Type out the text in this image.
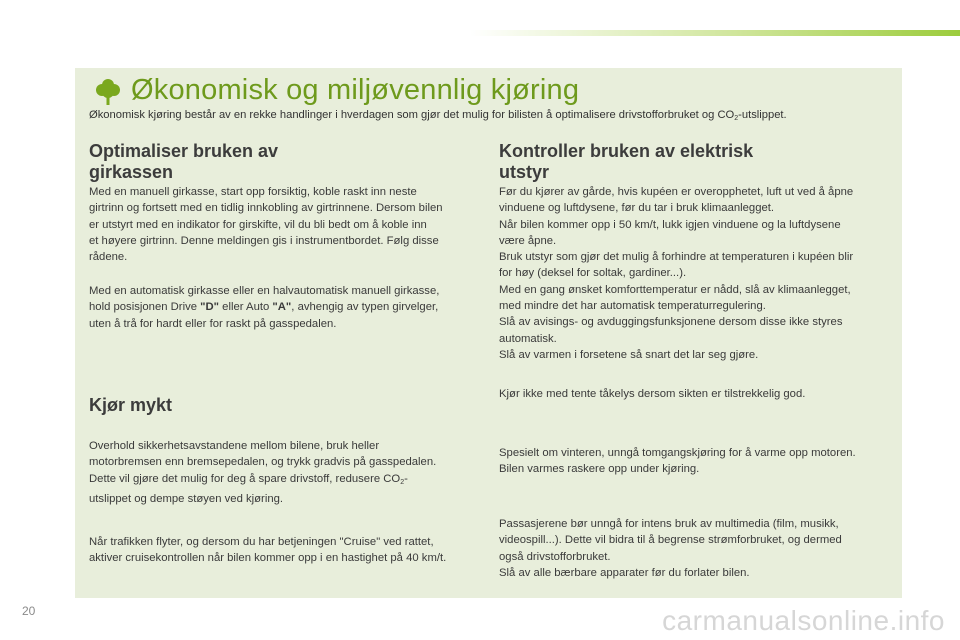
Økonomisk og miljøvennlig kjøring
Økonomisk kjøring består av en rekke handlinger i hverdagen som gjør det mulig for bilisten å optimalisere drivstofforbruket og $CO_2$-utslippet.
Optimaliser bruken av
girkassen
Med en manuell girkasse, start opp forsiktig, koble raskt inn neste
girtrinn og fortsett med en tidlig innkobling av girtrinnene. Dersom bilen
er utstyrt med en indikator for girskifte, vil du bli bedt om å koble inn
et høyere girtrinn. Denne meldingen gis i instrumentbordet. Følg disse
rådene.
Med en automatisk girkasse eller en halvautomatisk manuell girkasse,
hold posisjonen Drive "D" eller Auto "A", avhengig av typen girvelger,
uten å trå for hardt eller for raskt på gasspedalen.
Kjør mykt
Overhold sikkerhetsavstandene mellom bilene, bruk heller
motorbremsen enn bremsepedalen, og trykk gradvis på gasspedalen.
Dette vil gjøre det mulig for deg å spare drivstoff, redusere $CO_2-$
utslippet og dempe støyen ved kjøring.
Når trafikken flyter, og dersom du har betjeningen "Cruise" ved rattet,
aktiver cruisekontrollen når bilen kommer opp i en hastighet på 40 km/t.
Kontroller bruken av elektrisk
utstyr
Før du kjører av gårde, hvis kupéen er overopphetet, luft ut ved å åpne
vinduene og luftdysene, før du tar i bruk klimaanlegget.
Når bilen kommer opp i 50 km/t, lukk igjen vinduene og la luftdysene
være åpne.
Bruk utstyr som gjør det mulig å forhindre at temperaturen i kupéen blir
for høy (deksel for soltak, gardiner...).
Med en gang ønsket komforttemperatur er nådd, slå av klimaanlegget,
med mindre det har automatisk temperaturregulering.
Slå av avisings- og avduggingsfunksjonene dersom disse ikke styres
automatisk.
Slå av varmen i forsetene så snart det lar seg gjøre.
Kjør ikke med tente tåkelys dersom sikten er tilstrekkelig god.
Spesielt om vinteren, unngå tomgangskjøring for å varme opp motoren.
Bilen varmes raskere opp under kjøring.
Passasjerene bør unngå for intens bruk av multimedia (film, musikk,
videospill...). Dette vil bidra til å begrense strømforbruket, og dermed
også drivstofforbruket.
Slå av alle bærbare apparater før du forlater bilen.
20	carmanualsonline.info
